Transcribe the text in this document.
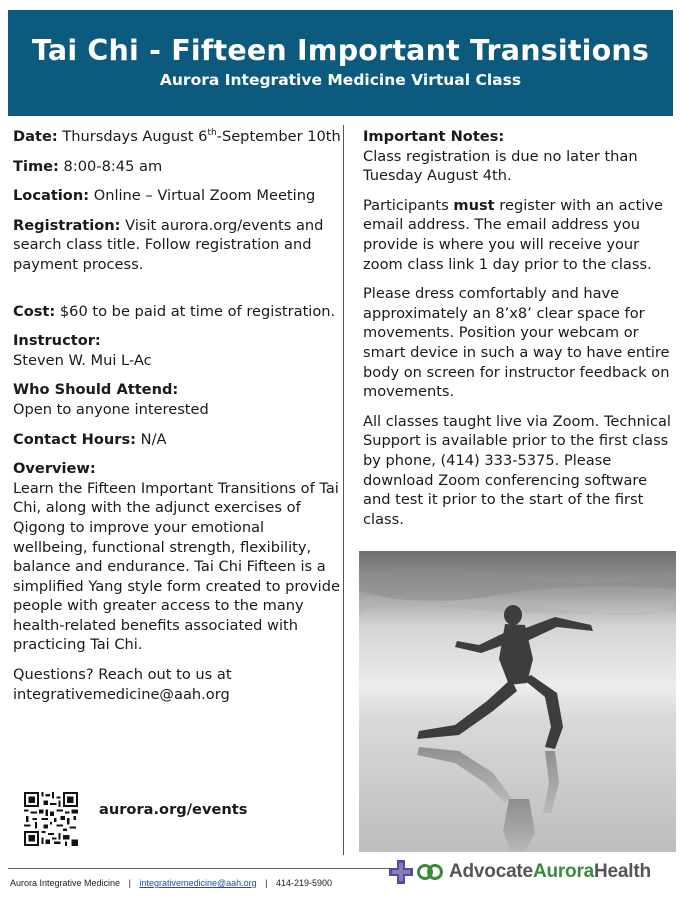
Tai Chi - Fifteen Important Transitions
Aurora Integrative Medicine Virtual Class
Date: Thursdays August 6th-September 10th
Time: 8:00-8:45 am
Location: Online – Virtual Zoom Meeting
Registration: Visit aurora.org/events and search class title. Follow registration and payment process.
Cost: $60 to be paid at time of registration.
Instructor:
Steven W. Mui L-Ac
Who Should Attend:
Open to anyone interested
Contact Hours: N/A
Overview:
Learn the Fifteen Important Transitions of Tai Chi, along with the adjunct exercises of Qigong to improve your emotional wellbeing, functional strength, flexibility, balance and endurance. Tai Chi Fifteen is a simplified Yang style form created to provide people with greater access to the many health-related benefits associated with practicing Tai Chi.
Questions? Reach out to us at integrativemedicine@aah.org
aurora.org/events
Important Notes:
Class registration is due no later than Tuesday August 4th.
Participants must register with an active email address. The email address you provide is where you will receive your zoom class link 1 day prior to the class.
Please dress comfortably and have approximately an 8’x8’ clear space for movements. Position your webcam or smart device in such a way to have entire body on screen for instructor feedback on movements.
All classes taught live via Zoom. Technical Support is available prior to the first class by phone, (414) 333-5375. Please download Zoom conferencing software and test it prior to the start of the first class.
Aurora Integrative Medicine | integrativemedicine@aah.org | 414-219-5900
AdvocateAuroraHealth
